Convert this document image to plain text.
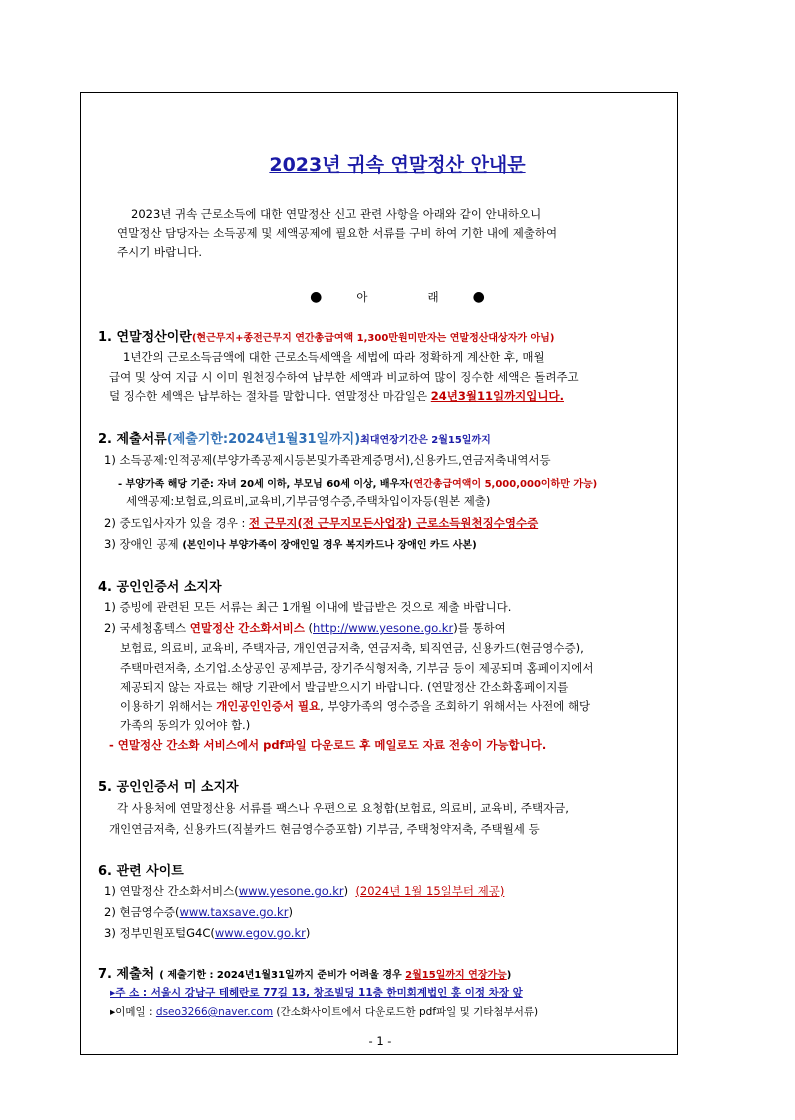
2023년 귀속 연말정산 안내문
2023년 귀속 근로소득에 대한 연말정산 신고 관련 사항을 아래와 같이 안내하오니
연말정산 담당자는 소득공제 및 세액공제에 필요한 서류를 구비 하여 기한 내에 제출하여
주시기 바랍니다.
●	아	래 ●
1. 연말정산이란(현근무지+종전근무지 연간총급여액 1,300만원미만자는 연말정산대상자가 아님)
1년간의 근로소득금액에 대한 근로소득세액을 세법에 따라 정확하게 계산한 후, 매월
급여 및 상여 지급 시 이미 원천징수하여 납부한 세액과 비교하여 많이 징수한 세액은 돌려주고
덜 징수한 세액은 납부하는 절차를 말합니다. 연말정산 마감일은 24년3월11일까지입니다.
2. 제출서류(제출기한:2024년1월31일까지)최대연장기간은 2월15일까지
1) 소득공제:인적공제(부양가족공제시등본및가족관계증명서),신용카드,연금저축내역서등
- 부양가족 해당 기준: 자녀 20세 이하, 부모님 60세 이상, 배우자(연간총급여액이 5,000,000이하만 가능)
세액공제:보험료,의료비,교육비,기부금영수증,주택차입이자등(원본 제출)
2) 중도입사자가 있을 경우 : 전 근무지(전 근무지모든사업장) 근로소득원천징수영수증
3) 장애인 공제 (본인이나 부양가족이 장애인일 경우 복지카드나 장애인 카드 사본)
4. 공인인증서 소지자
1) 증빙에 관련된 모든 서류는 최근 1개월 이내에 발급받은 것으로 제출 바랍니다.
2) 국세청홈텍스 연말정산 간소화서비스 (http://www.yesone.go.kr)를 통하여
보험료, 의료비, 교육비, 주택자금, 개인연금저축, 연금저축, 퇴직연금, 신용카드(현금영수증),
주택마련저축, 소기업.소상공인 공제부금, 장기주식형저축, 기부금 등이 제공되며 홈페이지에서
제공되지 않는 자료는 해당 기관에서 발급받으시기 바랍니다. (연말정산 간소화홈페이지를
이용하기 위해서는 개인공인인증서 필요, 부양가족의 영수증을 조회하기 위해서는 사전에 해당
가족의 동의가 있어야 함.)
- 연말정산 간소화 서비스에서 pdf파일 다운로드 후 메일로도 자료 전송이 가능합니다.
5. 공인인증서 미 소지자
각 사용처에 연말정산용 서류를 팩스나 우편으로 요청함(보험료, 의료비, 교육비, 주택자금,
개인연금저축, 신용카드(직불카드 현금영수증포함) 기부금, 주택청약저축, 주택월세 등
6. 관련 사이트
1) 연말정산 간소화서비스(www.yesone.go.kr)  (2024년 1월 15일부터 제공)
2) 현금영수증(www.taxsave.go.kr)
3) 정부민원포털G4C(www.egov.go.kr)
7. 제출처 ( 제출기한 : 2024년1월31일까지 준비가 어려울 경우 2월15일까지 연장가능)
▸주 소 : 서울시 강남구 테헤란로 77길 13, 창조빌딩 11층 한미회계법인 홍 이정 차장 앞
▸이메일 : dseo3266@naver.com (간소화사이트에서 다운로드한 pdf파일 및 기타첨부서류)
- 1 -
